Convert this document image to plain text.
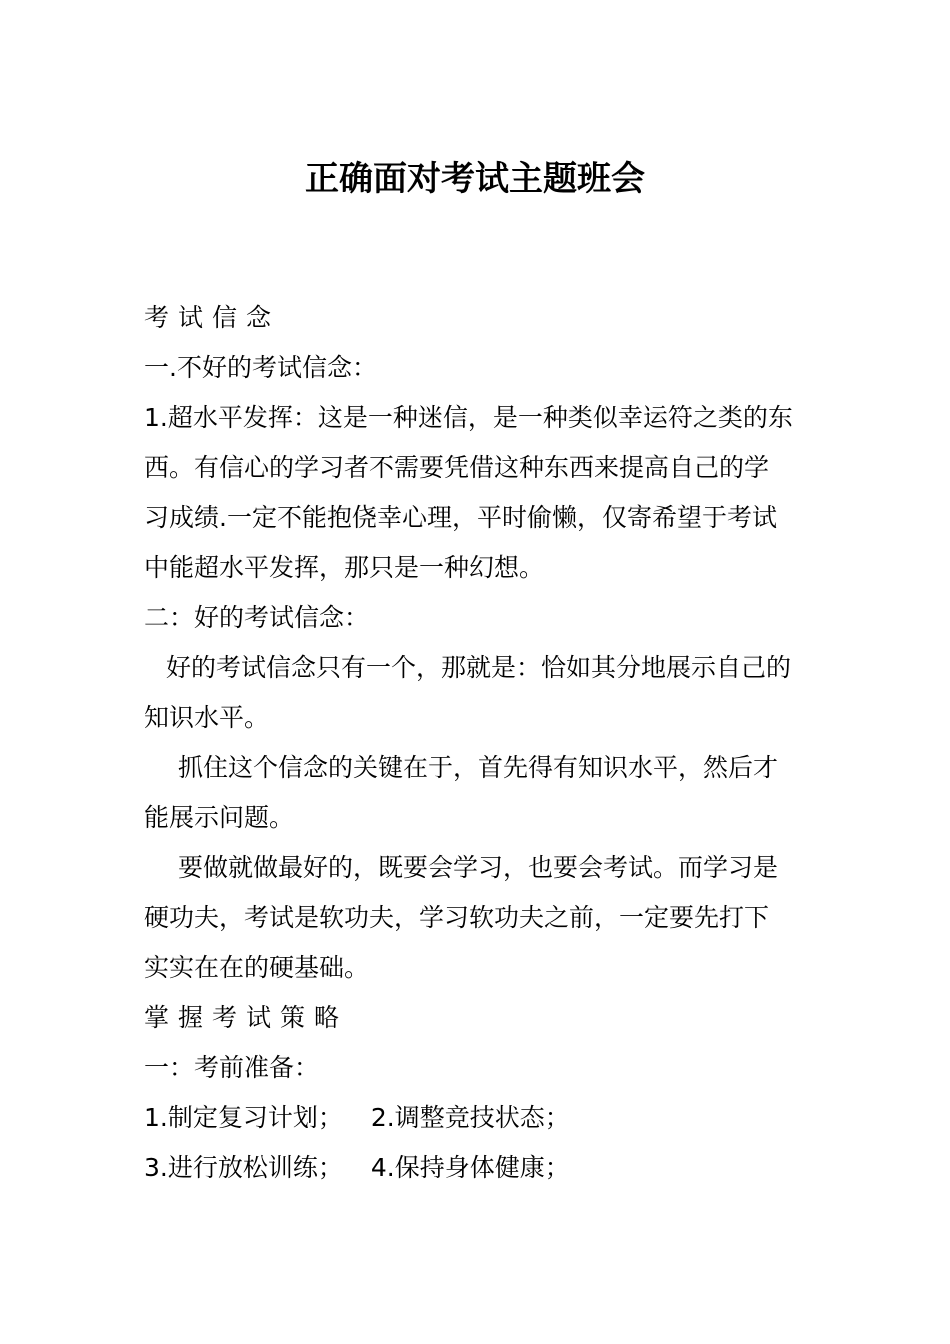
正确面对考试主题班会
考试信念
一.不好的考试信念：
1.超水平发挥：这是一种迷信，是一种类似幸运符之类的东
西。有信心的学习者不需要凭借这种东西来提高自己的学
习成绩.一定不能抱侥幸心理，平时偷懒，仅寄希望于考试
中能超水平发挥，那只是一种幻想。
二：好的考试信念：
好的考试信念只有一个，那就是：恰如其分地展示自己的
知识水平。
抓住这个信念的关键在于，首先得有知识水平，然后才
能展示问题。
要做就做最好的，既要会学习，也要会考试。而学习是
硬功夫，考试是软功夫，学习软功夫之前，一定要先打下
实实在在的硬基础。
掌握考试策略
一：考前准备：
1.制定复习计划； 2.调整竞技状态；
3.进行放松训练； 4.保持身体健康；
